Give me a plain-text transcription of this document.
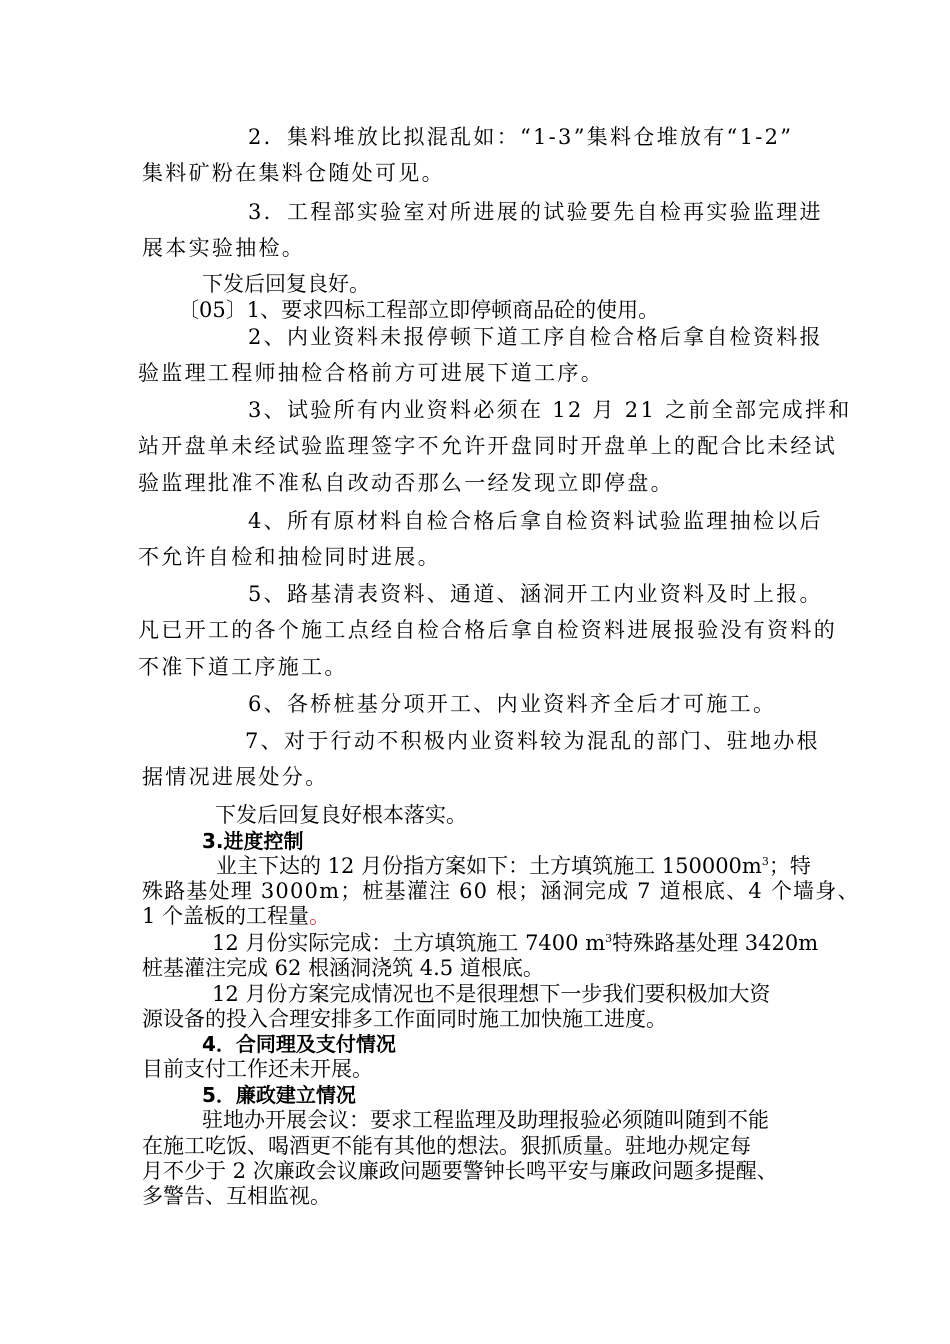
2．集料堆放比拟混乱如：“1-3”集料仓堆放有“1-2”
集料矿粉在集料仓随处可见。
3．工程部实验室对所进展的试验要先自检再实验监理进
展本实验抽检。
下发后回复良好。
〔05〕1、要求四标工程部立即停顿商品砼的使用。
2、内业资料未报停顿下道工序自检合格后拿自检资料报
验监理工程师抽检合格前方可进展下道工序。
3、试验所有内业资料必须在 12 月 21 之前全部完成拌和
站开盘单未经试验监理签字不允许开盘同时开盘单上的配合比未经试
验监理批准不准私自改动否那么一经发现立即停盘。
4、所有原材料自检合格后拿自检资料试验监理抽检以后
不允许自检和抽检同时进展。
5、路基清表资料、通道、涵洞开工内业资料及时上报。
凡已开工的各个施工点经自检合格后拿自检资料进展报验没有资料的
不准下道工序施工。
6、各桥桩基分项开工、内业资料齐全后才可施工。
7、对于行动不积极内业资料较为混乱的部门、驻地办根
据情况进展处分。
下发后回复良好根本落实。
3.进度控制
业主下达的 12 月份指方案如下：土方填筑施工 $150000m^3$；特
殊路基处理 3000m；桩基灌注 60 根；涵洞完成 7 道根底、4 个墙身、
1 个盖板的工程量。
12 月份实际完成：土方填筑施工 7400 $m^3$特殊路基处理 3420m
桩基灌注完成 62 根涵洞浇筑 4.5 道根底。
12 月份方案完成情况也不是很理想下一步我们要积极加大资
源设备的投入合理安排多工作面同时施工加快施工进度。
4．合同理及支付情况
目前支付工作还未开展。
5．廉政建立情况
驻地办开展会议：要求工程监理及助理报验必须随叫随到不能
在施工吃饭、喝酒更不能有其他的想法。狠抓质量。驻地办规定每
月不少于 2 次廉政会议廉政问题要警钟长鸣平安与廉政问题多提醒、
多警告、互相监视。
